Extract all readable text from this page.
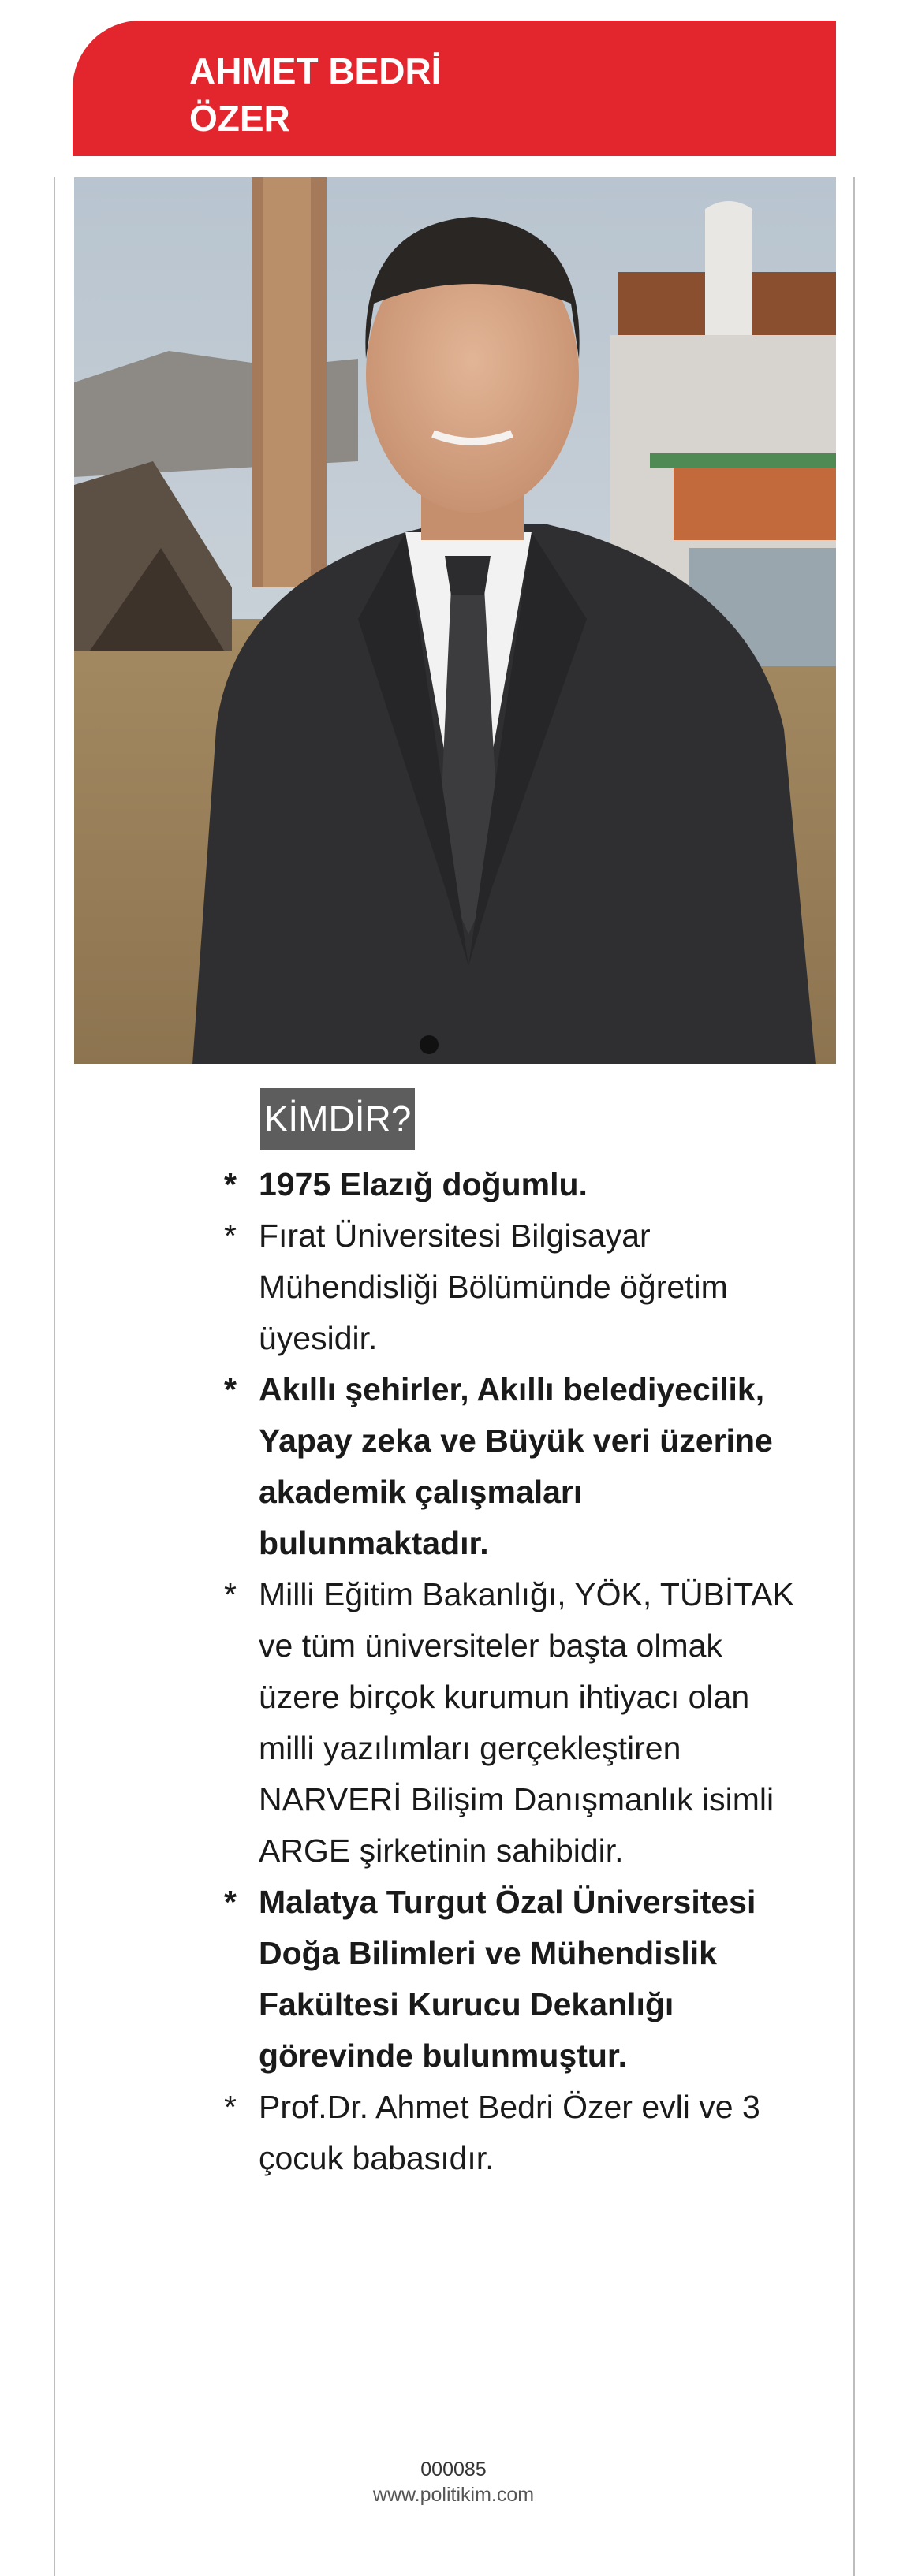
AHMET BEDRİ
ÖZER
KİMDİR?
* 1975 Elazığ doğumlu.
* Fırat Üniversitesi Bilgisayar Mühendisliği Bölümünde öğretim üyesidir.
* Akıllı şehirler, Akıllı belediyecilik, Yapay zeka ve Büyük veri üzerine akademik çalışmaları bulunmaktadır.
* Milli Eğitim Bakanlığı, YÖK, TÜBİTAK ve tüm üniversiteler başta olmak üzere birçok kurumun ihtiyacı olan milli yazılımları gerçekleştiren NARVERİ Bilişim Danışmanlık isimli ARGE şirketinin sahibidir.
* Malatya Turgut Özal Üniversitesi Doğa Bilimleri ve Mühendislik Fakültesi Kurucu Dekanlığı görevinde bulunmuştur.
* Prof.Dr. Ahmet Bedri Özer evli ve 3 çocuk babasıdır.
000085
www.politikim.com
